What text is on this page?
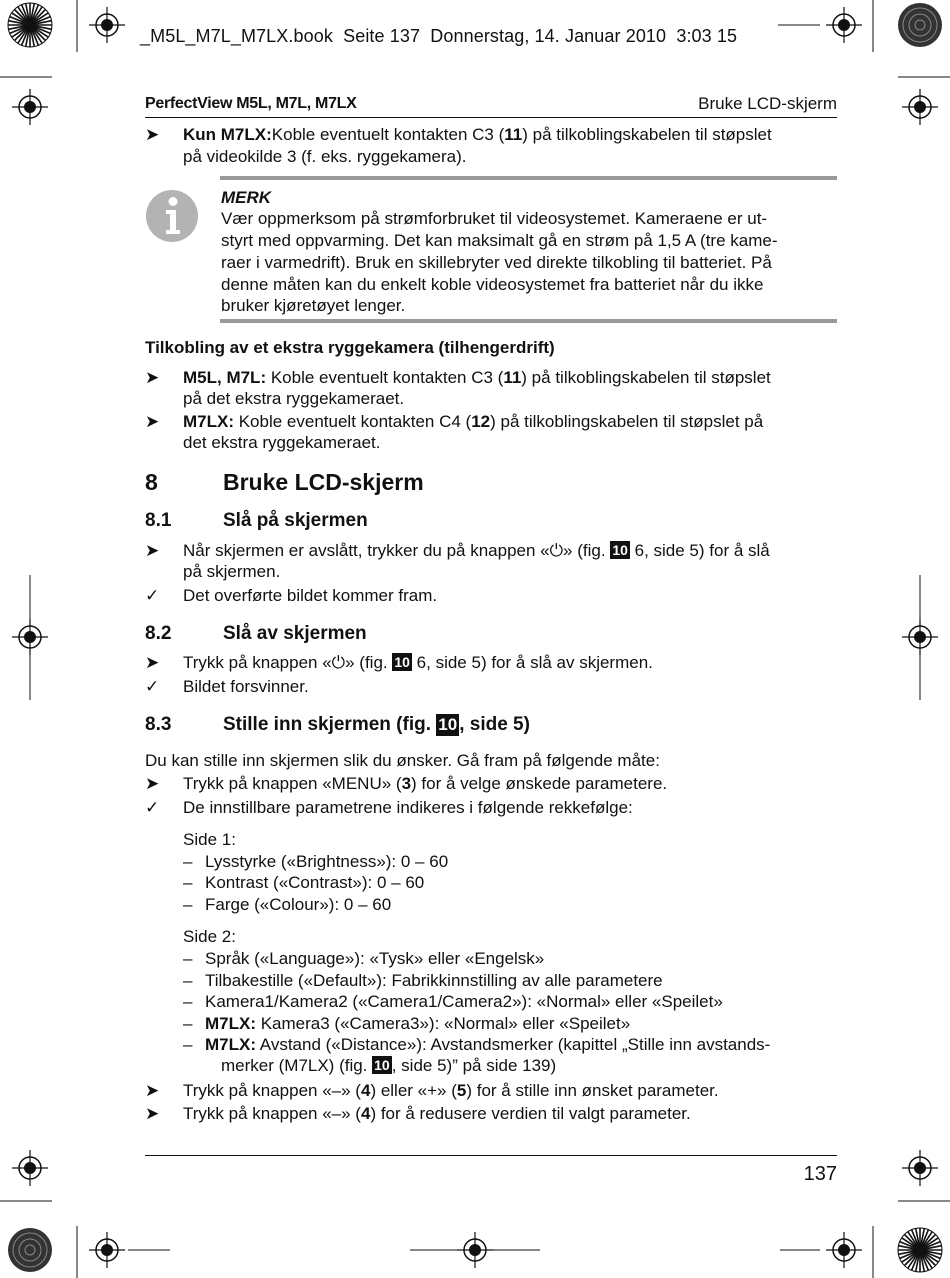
_M5L_M7L_M7LX.book  Seite 137  Donnerstag, 14. Januar 2010  3:03 15
PerfectView M5L, M7L, M7LX	Bruke LCD-skjerm
➤ Kun M7LX:Koble eventuelt kontakten C3 (11) på tilkoblingskabelen til støpslet
på videokilde 3 (f. eks. ryggekamera).
MERK
Vær oppmerksom på strømforbruket til videosystemet. Kameraene er ut-
styrt med oppvarming. Det kan maksimalt gå en strøm på 1,5 A (tre kame-
raer i varmedrift). Bruk en skillebryter ved direkte tilkobling til batteriet. På
denne måten kan du enkelt koble videosystemet fra batteriet når du ikke
bruker kjøretøyet lenger.
Tilkobling av et ekstra ryggekamera (tilhengerdrift)
➤ M5L, M7L: Koble eventuelt kontakten C3 (11) på tilkoblingskabelen til støpslet
på det ekstra ryggekameraet.
➤ M7LX: Koble eventuelt kontakten C4 (12) på tilkoblingskabelen til støpslet på
det ekstra ryggekameraet.
8	Bruke LCD-skjerm
8.1	Slå på skjermen
➤ Når skjermen er avslått, trykker du på knappen «⏻» (fig. 10 6, side 5) for å slå
på skjermen.
✓ Det overførte bildet kommer fram.
8.2	Slå av skjermen
➤ Trykk på knappen «⏻» (fig. 10 6, side 5) for å slå av skjermen.
✓ Bildet forsvinner.
8.3	Stille inn skjermen (fig. 10 , side 5)
Du kan stille inn skjermen slik du ønsker. Gå fram på følgende måte:
➤ Trykk på knappen «MENU» (3) for å velge ønskede parametere.
✓ De innstillbare parametrene indikeres i følgende rekkefølge:
Side 1:
– Lysstyrke («Brightness»): 0 – 60
– Kontrast («Contrast»): 0 – 60
– Farge («Colour»): 0 – 60
Side 2:
– Språk («Language»): «Tysk» eller «Engelsk»
– Tilbakestille («Default»): Fabrikkinnstilling av alle parametere
– Kamera1/Kamera2 («Camera1/Camera2»): «Normal» eller «Speilet»
– M7LX: Kamera3 («Camera3»): «Normal» eller «Speilet»
– M7LX: Avstand («Distance»): Avstandsmerker (kapittel „Stille inn avstands-
merker (M7LX) (fig. 10 , side 5)” på side 139)
➤ Trykk på knappen «–» (4) eller «+» (5) for å stille inn ønsket parameter.
➤ Trykk på knappen «–» (4) for å redusere verdien til valgt parameter.
137
